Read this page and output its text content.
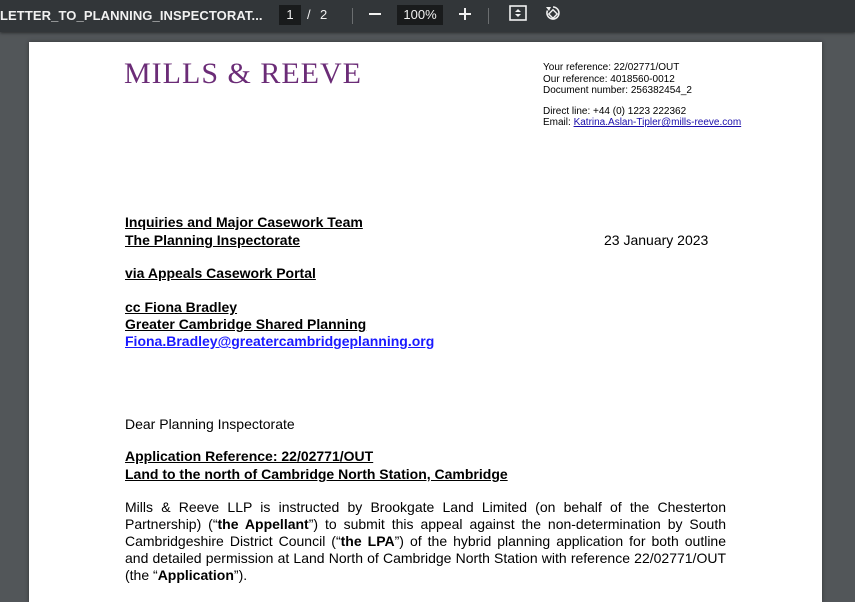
LETTER_TO_PLANNING_INSPECTORAT...	1	/ 2	100%
MILLS & REEVE	Your reference: 22/02771/OUT
Our reference: 4018560-0012
Document number: 256382454_2
Direct line: +44 (0) 1223 222362
Email: Katrina.Aslan-Tipler@mills-reeve.com
Inquiries and Major Casework Team
The Planning Inspectorate	23 January 2023
via Appeals Casework Portal
cc Fiona Bradley
Greater Cambridge Shared Planning
Fiona.Bradley@greatercambridgeplanning.org
Dear Planning Inspectorate
Application Reference: 22/02771/OUT
Land to the north of Cambridge North Station, Cambridge
Mills & Reeve LLP is instructed by Brookgate Land Limited (on behalf of the Chesterton Partnership) (“the Appellant”) to submit this appeal against the non-determination by South Cambridgeshire District Council (“the LPA”) of the hybrid planning application for both outline and detailed permission at Land North of Cambridge North Station with reference 22/02771/OUT (the “Application”).
